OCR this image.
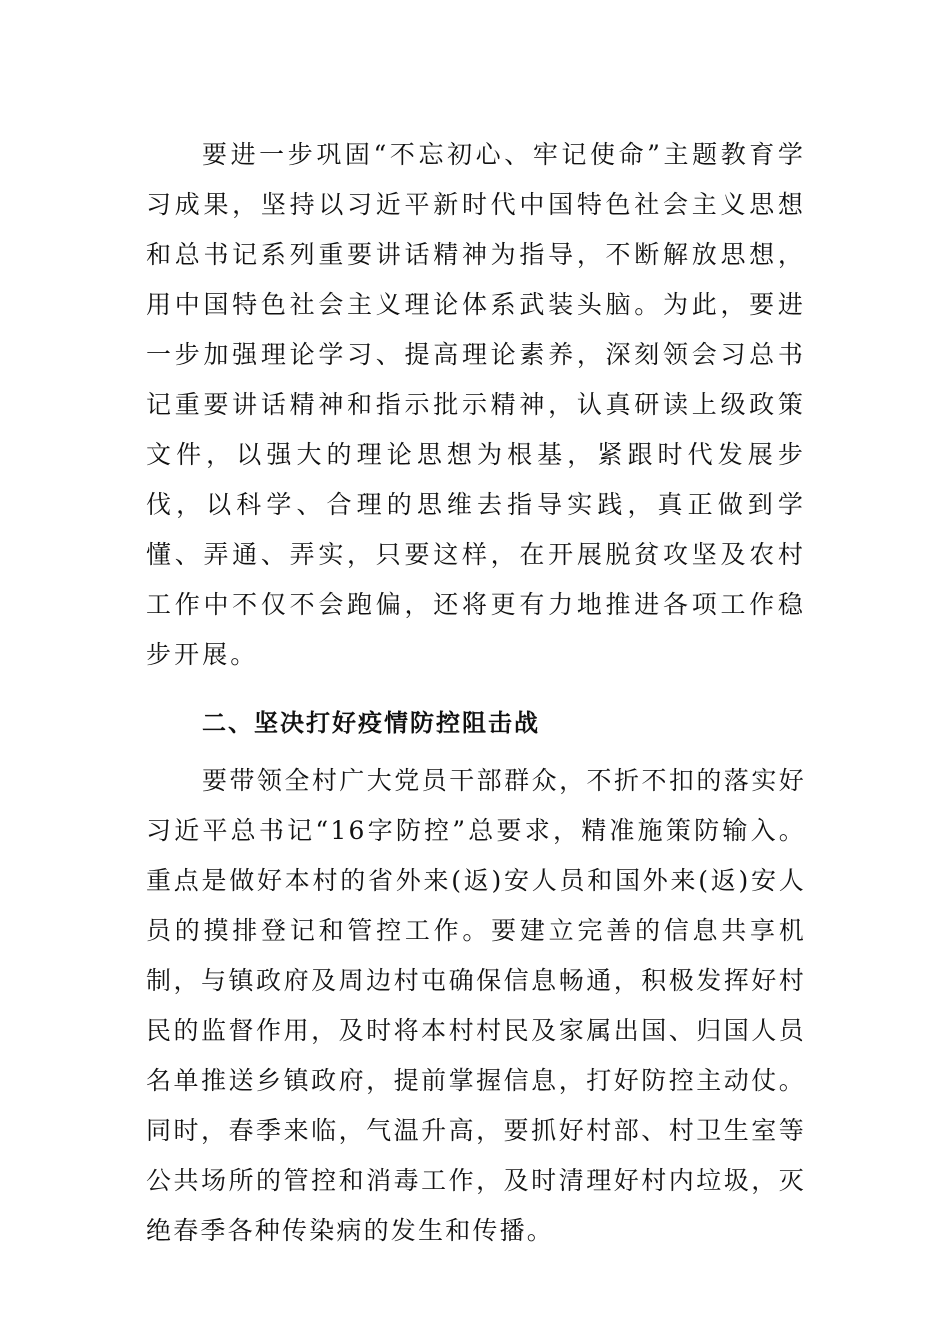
要进一步巩固“不忘初心、牢记使命”主题教育学习成果，坚持以习近平新时代中国特色社会主义思想和总书记系列重要讲话精神为指导，不断解放思想，用中国特色社会主义理论体系武装头脑。为此，要进一步加强理论学习、提高理论素养，深刻领会习总书记重要讲话精神和指示批示精神，认真研读上级政策文件，以强大的理论思想为根基，紧跟时代发展步伐，以科学、合理的思维去指导实践，真正做到学懂、弄通、弄实，只要这样，在开展脱贫攻坚及农村工作中不仅不会跑偏，还将更有力地推进各项工作稳步开展。

二、坚决打好疫情防控阻击战

要带领全村广大党员干部群众，不折不扣的落实好习近平总书记“16字防控”总要求，精准施策防输入。重点是做好本村的省外来(返)安人员和国外来(返)安人员的摸排登记和管控工作。要建立完善的信息共享机制，与镇政府及周边村屯确保信息畅通，积极发挥好村民的监督作用，及时将本村村民及家属出国、归国人员名单推送乡镇政府，提前掌握信息，打好防控主动仗。同时，春季来临，气温升高，要抓好村部、村卫生室等公共场所的管控和消毒工作，及时清理好村内垃圾，灭绝春季各种传染病的发生和传播。
